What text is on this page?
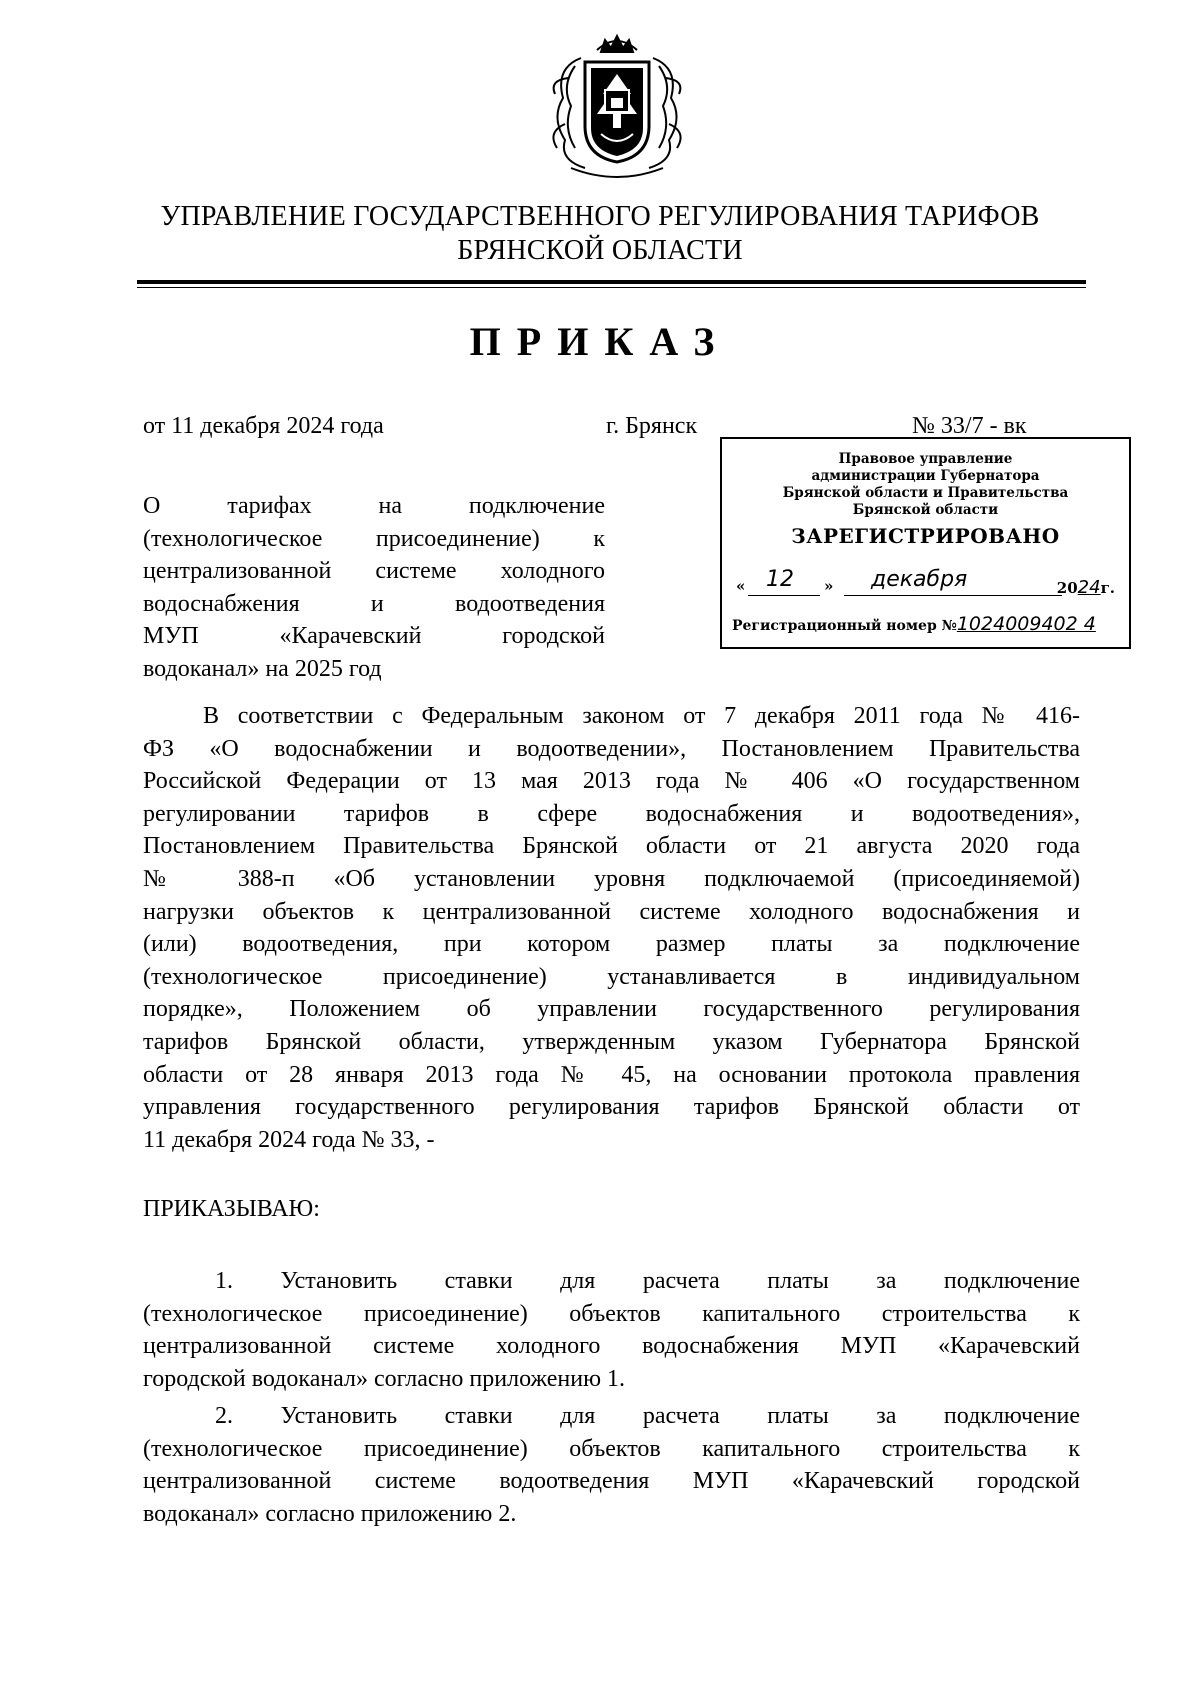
УПРАВЛЕНИЕ ГОСУДАРСТВЕННОГО РЕГУЛИРОВАНИЯ ТАРИФОВ
БРЯНСКОЙ ОБЛАСТИ
ПРИКАЗ
от 11 декабря 2024 года	г. Брянск	№ 33/7 - вк
О тарифах на подключение
(технологическое присоединение) к
централизованной системе холодного
водоснабжения и водоотведения
МУП «Карачевский городской
водоканал» на 2025 год
Правовое управление
администрации Губернатора
Брянской области и Правительства
Брянской области
ЗАРЕГИСТРИРОВАНО
« 12 » декабря	2024г.
Регистрационный номер №1024009402 4
В соответствии с Федеральным законом от 7 декабря 2011 года № 416-
ФЗ «О водоснабжении и водоотведении», Постановлением Правительства
Российской Федерации от 13 мая 2013 года № 406 «О государственном
регулировании тарифов в сфере водоснабжения и водоотведения»,
Постановлением Правительства Брянской области от 21 августа 2020 года
№ 388-п «Об установлении уровня подключаемой (присоединяемой)
нагрузки объектов к централизованной системе холодного водоснабжения и
(или) водоотведения, при котором размер платы за подключение
(технологическое присоединение) устанавливается в индивидуальном
порядке», Положением об управлении государственного регулирования
тарифов Брянской области, утвержденным указом Губернатора Брянской
области от 28 января 2013 года № 45, на основании протокола правления
управления государственного регулирования тарифов Брянской области от
11 декабря 2024 года № 33, -
ПРИКАЗЫВАЮ:
1. Установить ставки для расчета платы за подключение
(технологическое присоединение) объектов капитального строительства к
централизованной системе холодного водоснабжения МУП «Карачевский
городской водоканал» согласно приложению 1.
2. Установить ставки для расчета платы за подключение
(технологическое присоединение) объектов капитального строительства к
централизованной системе водоотведения МУП «Карачевский городской
водоканал» согласно приложению 2.
